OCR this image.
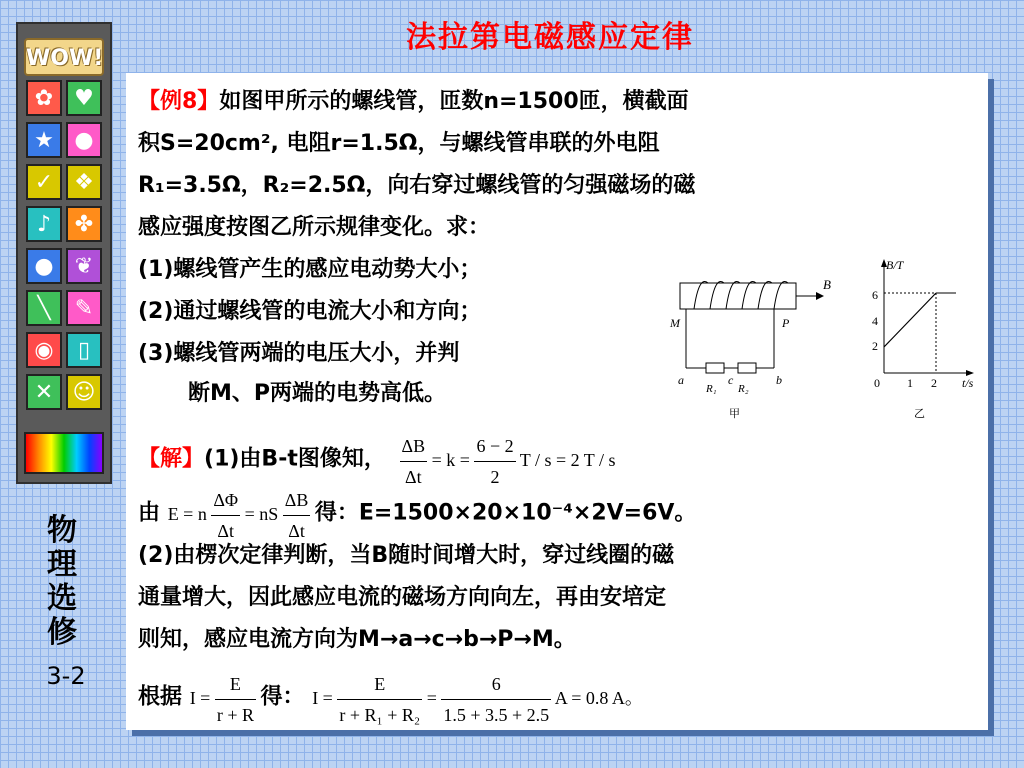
法拉第电磁感应定律
WOW!
✿ ♥
★ ●
✓ ❖
♪	✤
● ❦
╲	✎
◉	▯
✕ ☺
物
理
选
修
3-2
【例8】如图甲所示的螺线管，匝数n=1500匝，横截面
积S=20cm², 电阻r=1.5Ω，与螺线管串联的外电阻
R₁=3.5Ω，R₂=2.5Ω，向右穿过螺线管的匀强磁场的磁
感应强度按图乙所示规律变化。求：
(1)螺线管产生的感应电动势大小；
(2)通过螺线管的电流大小和方向；
(3)螺线管两端的电压大小，并判
断M、P两端的电势高低。
B
M	P
a	c	b
R₁ R₂
甲
B/T
t/s
0
2
4
6
1 2
乙
【解】(1)由B-t图像知， $\frac{\Delta B}{\Delta t} = k = \frac{6 - 2}{2}$ T / s = 2 T / s
由 E = n $\frac{\Delta\Phi}{\Delta t}$ = nS $\frac{\Delta B}{\Delta t}$ 得：E=1500×20×10⁻⁴×2V=6V。
(2)由楞次定律判断，当B随时间增大时，穿过线圈的磁
通量增大，因此感应电流的磁场方向向左，再由安培定
则知，感应电流方向为M→a→c→b→P→M。
根据 $I = \frac{E}{r + R}$ 得： $I = \frac{E}{\text{r + R₁ + R₂}} = \frac{6}{1.5 + 3.5 + 2.5}$ A = 0.8 A。
